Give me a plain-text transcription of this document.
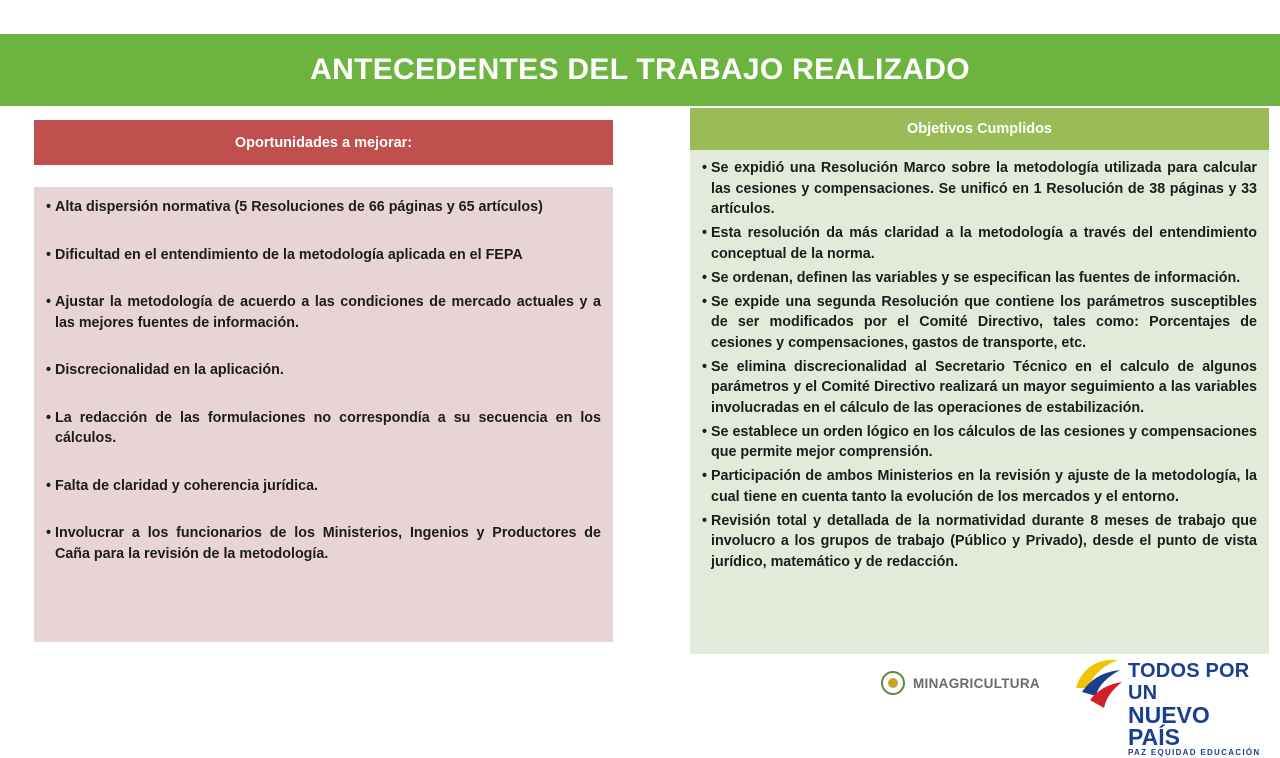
ANTECEDENTES DEL TRABAJO REALIZADO
Oportunidades a mejorar:
• Alta dispersión normativa (5 Resoluciones de 66 páginas y 65 artículos)
• Dificultad en el entendimiento de la metodología aplicada en el FEPA
• Ajustar la metodología de acuerdo a las condiciones de mercado actuales y a las mejores fuentes de información.
• Discrecionalidad en la aplicación.
• La redacción de las formulaciones no correspondía a su secuencia en los cálculos.
• Falta de claridad y coherencia jurídica.
• Involucrar a los funcionarios de los Ministerios, Ingenios y Productores de Caña para la revisión de la metodología.
Objetivos Cumplidos
• Se expidió una Resolución Marco sobre la metodología utilizada para calcular las cesiones y compensaciones. Se unificó en 1 Resolución de 38 páginas y 33 artículos.
• Esta resolución da más claridad a la metodología a través del entendimiento conceptual de la norma.
• Se ordenan, definen las variables y se especifican las fuentes de información.
• Se expide una segunda Resolución que contiene los parámetros susceptibles de ser modificados por el Comité Directivo, tales como: Porcentajes de cesiones y compensaciones, gastos de transporte, etc.
• Se elimina discrecionalidad al Secretario Técnico en el calculo de algunos parámetros y el Comité Directivo realizará un mayor seguimiento a las variables involucradas en el cálculo de las operaciones de estabilización.
• Se establece un orden lógico en los cálculos de las cesiones y compensaciones que permite mejor comprensión.
• Participación de ambos Ministerios en la revisión y ajuste de la metodología, la cual tiene en cuenta tanto la evolución de los mercados y el entorno.
• Revisión total y detallada de la normatividad durante 8 meses de trabajo que involucro a los grupos de trabajo (Público y Privado), desde el punto de vista jurídico, matemático y de redacción.
MINAGRICULTURA
TODOS POR UN
NUEVO PAÍS
PAZ EQUIDAD EDUCACIÓN
